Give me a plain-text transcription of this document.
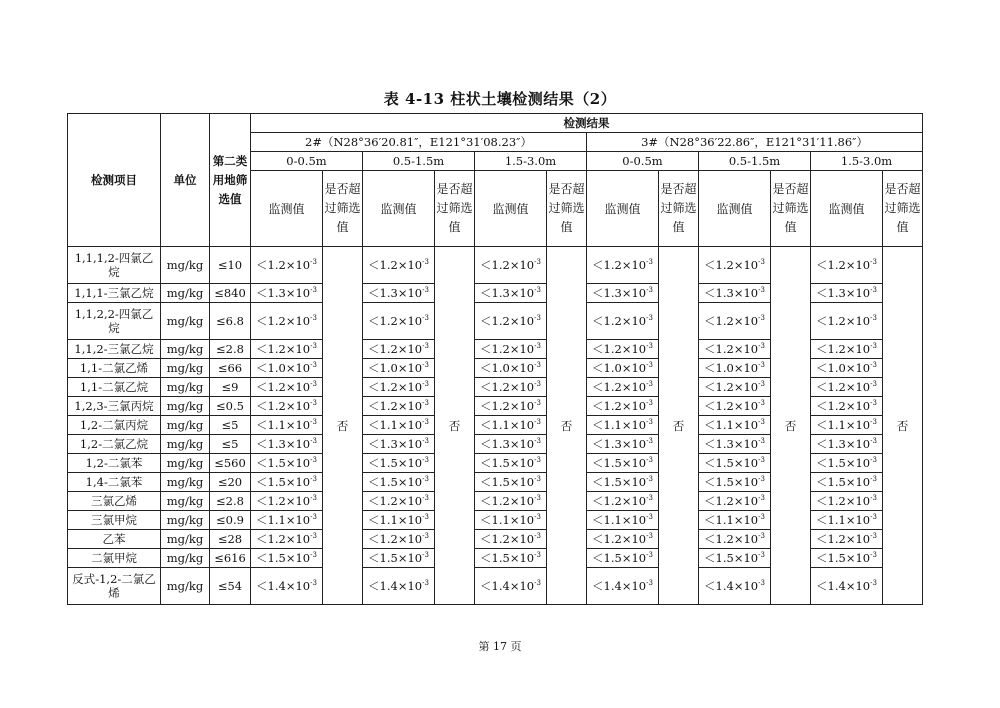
表 4-13 柱状土壤检测结果（2）
检测项目	单位	第二类用地筛选值	检测结果											
			2#（N28°36′20.81″，E121°31′08.23″）						3#（N28°36′22.86″，E121°31′11.86″）					
			0-0.5m		0.5-1.5m		1.5-3.0m		0-0.5m		0.5-1.5m		1.5-3.0m	
			监测值	是否超过筛选值	监测值	是否超过筛选值	监测值	是否超过筛选值	监测值	是否超过筛选值	监测值	是否超过筛选值	监测值	是否超过筛选值
1,1,1,2-四氯乙烷	mg/kg	≤10	$<1.2\times 10^{-3}$	否	$<1.2\times 10^{-3}$	否	$<1.2\times 10^{-3}$	否	$<1.2\times 10^{-3}$	否	$<1.2\times 10^{-3}$	否	$<1.2\times 10^{-3}$	否
1,1,1-三氯乙烷	mg/kg	≤840	$<1.3\times 10^{-3}$		$<1.3\times 10^{-3}$		$<1.3\times 10^{-3}$		$<1.3\times 10^{-3}$		$<1.3\times 10^{-3}$		$<1.3\times 10^{-3}$
1,1,2,2-四氯乙烷	mg/kg	≤6.8	$<1.2\times 10^{-3}$		$<1.2\times 10^{-3}$		$<1.2\times 10^{-3}$		$<1.2\times 10^{-3}$		$<1.2\times 10^{-3}$		$<1.2\times 10^{-3}$
1,1,2-三氯乙烷	mg/kg	≤2.8	$<1.2\times 10^{-3}$		$<1.2\times 10^{-3}$		$<1.2\times 10^{-3}$		$<1.2\times 10^{-3}$		$<1.2\times 10^{-3}$		$<1.2\times 10^{-3}$
1,1-二氯乙烯	mg/kg	≤66	$<1.0\times 10^{-3}$		$<1.0\times 10^{-3}$		$<1.0\times 10^{-3}$		$<1.0\times 10^{-3}$		$<1.0\times 10^{-3}$		$<1.0\times 10^{-3}$
1,1-二氯乙烷	mg/kg	≤9	$<1.2\times 10^{-3}$		$<1.2\times 10^{-3}$		$<1.2\times 10^{-3}$		$<1.2\times 10^{-3}$		$<1.2\times 10^{-3}$		$<1.2\times 10^{-3}$
1,2,3-三氯丙烷	mg/kg	≤0.5	$<1.2\times 10^{-3}$		$<1.2\times 10^{-3}$		$<1.2\times 10^{-3}$		$<1.2\times 10^{-3}$		$<1.2\times 10^{-3}$		$<1.2\times 10^{-3}$
1,2-二氯丙烷	mg/kg	≤5	$<1.1\times 10^{-3}$		$<1.1\times 10^{-3}$		$<1.1\times 10^{-3}$		$<1.1\times 10^{-3}$		$<1.1\times 10^{-3}$		$<1.1\times 10^{-3}$
1,2-二氯乙烷	mg/kg	≤5	$<1.3\times 10^{-3}$		$<1.3\times 10^{-3}$		$<1.3\times 10^{-3}$		$<1.3\times 10^{-3}$		$<1.3\times 10^{-3}$		$<1.3\times 10^{-3}$
1,2-二氯苯	mg/kg	≤560	$<1.5\times 10^{-3}$		$<1.5\times 10^{-3}$		$<1.5\times 10^{-3}$		$<1.5\times 10^{-3}$		$<1.5\times 10^{-3}$		$<1.5\times 10^{-3}$
1,4-二氯苯	mg/kg	≤20	$<1.5\times 10^{-3}$		$<1.5\times 10^{-3}$		$<1.5\times 10^{-3}$		$<1.5\times 10^{-3}$		$<1.5\times 10^{-3}$		$<1.5\times 10^{-3}$
三氯乙烯	mg/kg	≤2.8	$<1.2\times 10^{-3}$		$<1.2\times 10^{-3}$		$<1.2\times 10^{-3}$		$<1.2\times 10^{-3}$		$<1.2\times 10^{-3}$		$<1.2\times 10^{-3}$
三氯甲烷	mg/kg	≤0.9	$<1.1\times 10^{-3}$		$<1.1\times 10^{-3}$		$<1.1\times 10^{-3}$		$<1.1\times 10^{-3}$		$<1.1\times 10^{-3}$		$<1.1\times 10^{-3}$
乙苯	mg/kg	≤28	$<1.2\times 10^{-3}$		$<1.2\times 10^{-3}$		$<1.2\times 10^{-3}$		$<1.2\times 10^{-3}$		$<1.2\times 10^{-3}$		$<1.2\times 10^{-3}$
二氯甲烷	mg/kg	≤616	$<1.5\times 10^{-3}$		$<1.5\times 10^{-3}$		$<1.5\times 10^{-3}$		$<1.5\times 10^{-3}$		$<1.5\times 10^{-3}$		$<1.5\times 10^{-3}$
反式-1,2-二氯乙烯	mg/kg	≤54	$<1.4\times 10^{-3}$		$<1.4\times 10^{-3}$		$<1.4\times 10^{-3}$		$<1.4\times 10^{-3}$		$<1.4\times 10^{-3}$		$<1.4\times 10^{-3}$
第 17 页
